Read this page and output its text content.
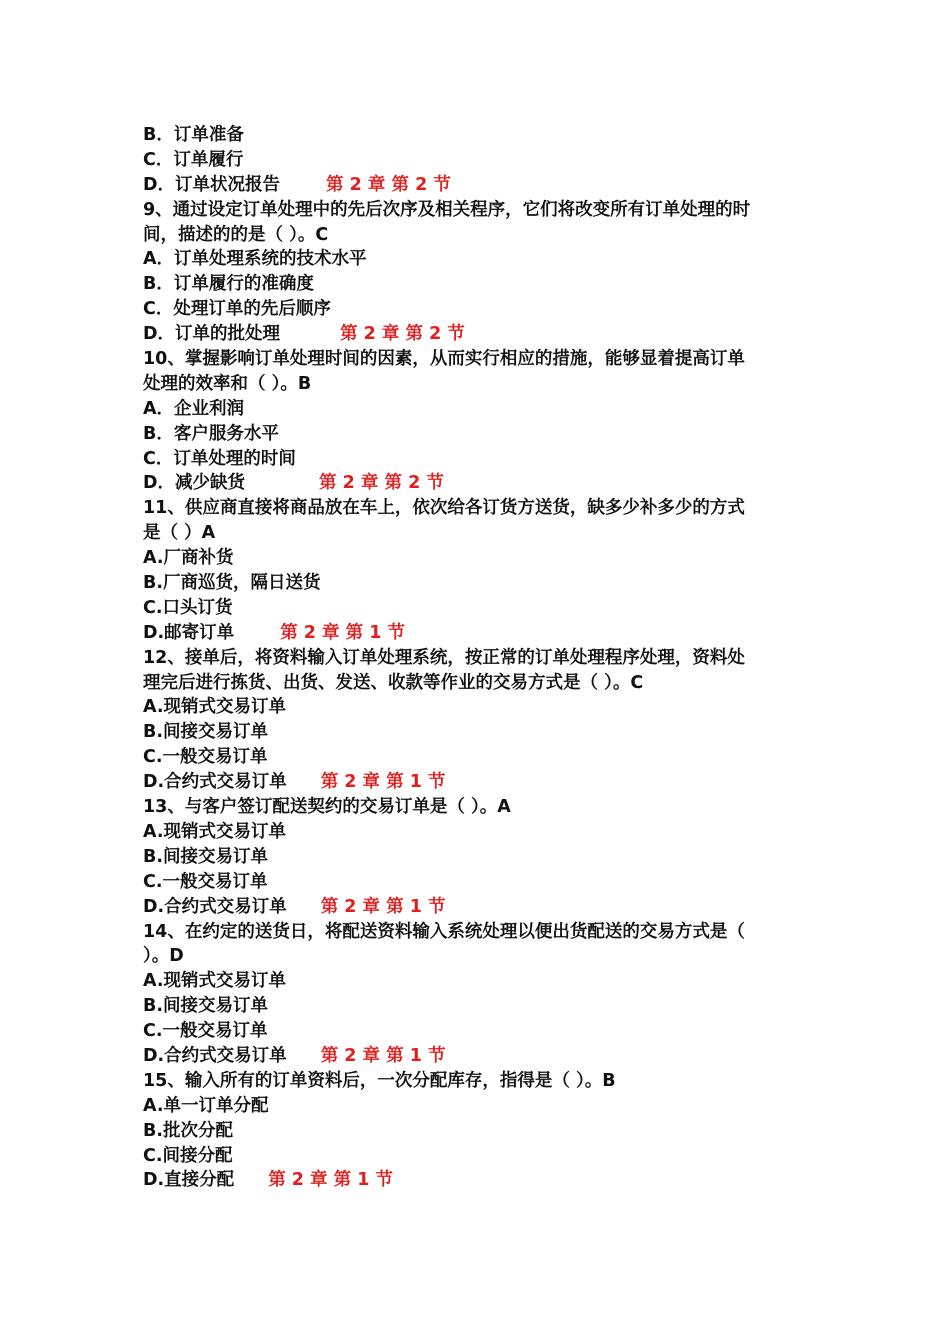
B．订单准备
C．订单履行
D．订单状况报告	第 2 章 第 2 节
9、通过设定订单处理中的先后次序及相关程序，它们将改变所有订单处理的时
间，描述的的是（ ）。C
A．订单处理系统的技术水平
B．订单履行的准确度
C．处理订单的先后顺序
D．订单的批处理	第 2 章 第 2 节
10、掌握影响订单处理时间的因素，从而实行相应的措施，能够显着提高订单
处理的效率和（ ）。B
A．企业利润
B．客户服务水平
C．订单处理的时间
D．减少缺货	第 2 章 第 2 节
11、供应商直接将商品放在车上，依次给各订货方送货，缺多少补多少的方式
是（ ）A
A.厂商补货
B.厂商巡货，隔日送货
C.口头订货
D.邮寄订单	第 2 章 第 1 节
12、接单后，将资料输入订单处理系统，按正常的订单处理程序处理，资料处
理完后进行拣货、出货、发送、收款等作业的交易方式是（ ）。C
A.现销式交易订单
B.间接交易订单
C.一般交易订单
D.合约式交易订单 第 2 章 第 1 节
13、与客户签订配送契约的交易订单是（ ）。A
A.现销式交易订单
B.间接交易订单
C.一般交易订单
D.合约式交易订单 第 2 章 第 1 节
14、在约定的送货日，将配送资料输入系统处理以便出货配送的交易方式是（
）。D
A.现销式交易订单
B.间接交易订单
C.一般交易订单
D.合约式交易订单 第 2 章 第 1 节
15、输入所有的订单资料后，一次分配库存，指得是（ ）。B
A.单一订单分配
B.批次分配
C.间接分配
D.直接分配 第 2 章 第 1 节
